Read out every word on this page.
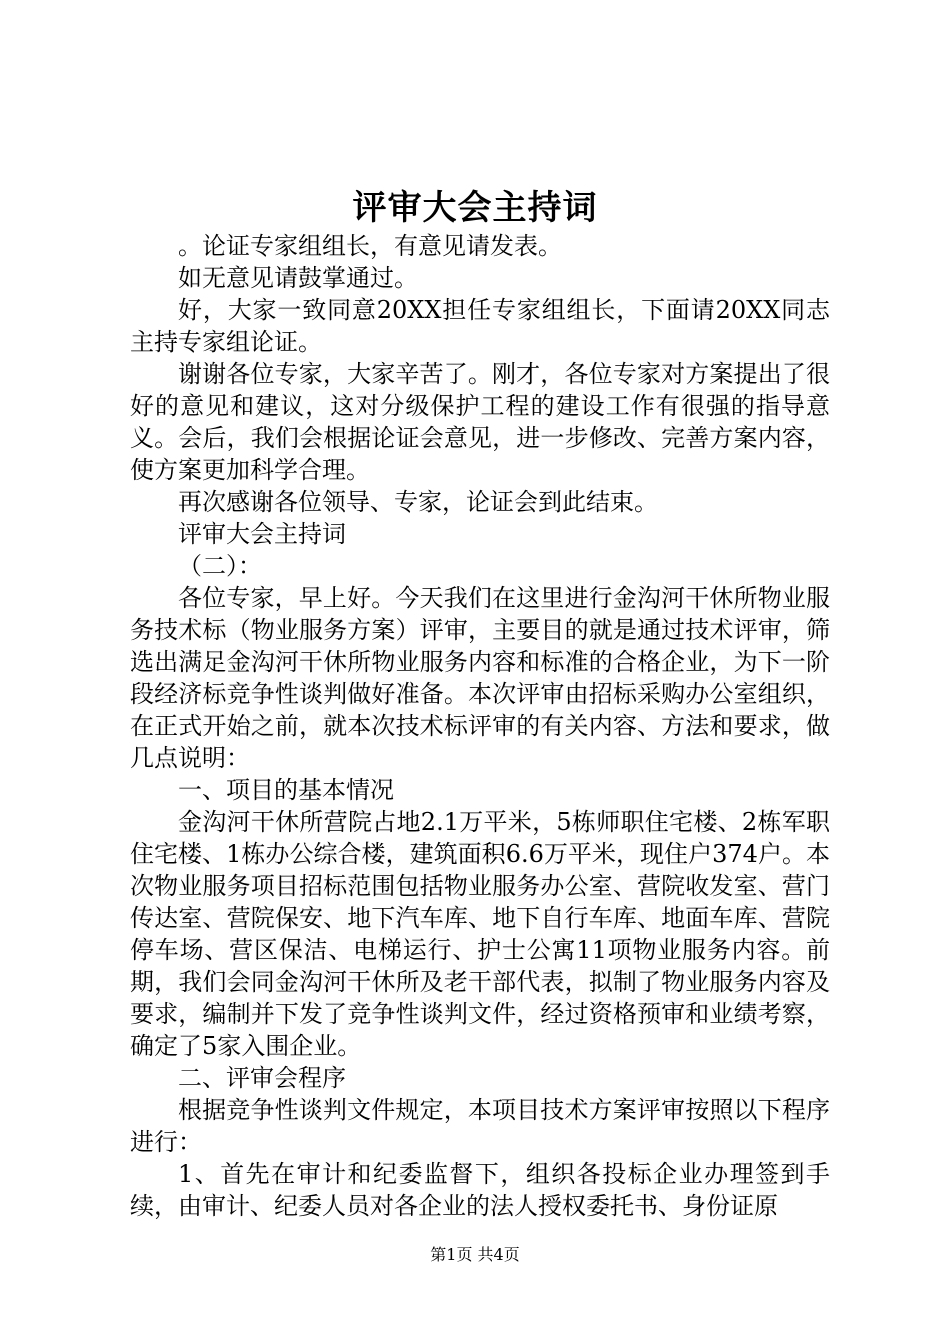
评审大会主持词

。论证专家组组长，有意见请发表。

如无意见请鼓掌通过。

好，大家一致同意20XX担任专家组组长，下面请20XX同志主持专家组论证。

谢谢各位专家，大家辛苦了。刚才，各位专家对方案提出了很好的意见和建议，这对分级保护工程的建设工作有很强的指导意义。会后，我们会根据论证会意见，进一步修改、完善方案内容，使方案更加科学合理。

再次感谢各位领导、专家，论证会到此结束。

评审大会主持词

（二）：

各位专家，早上好。今天我们在这里进行金沟河干休所物业服务技术标（物业服务方案）评审，主要目的就是通过技术评审，筛选出满足金沟河干休所物业服务内容和标准的合格企业，为下一阶段经济标竞争性谈判做好准备。本次评审由招标采购办公室组织，在正式开始之前，就本次技术标评审的有关内容、方法和要求，做几点说明：

一、项目的基本情况

金沟河干休所营院占地2.1万平米，5栋师职住宅楼、2栋军职住宅楼、1栋办公综合楼，建筑面积6.6万平米，现住户374户。本次物业服务项目招标范围包括物业服务办公室、营院收发室、营门传达室、营院保安、地下汽车库、地下自行车库、地面车库、营院停车场、营区保洁、电梯运行、护士公寓11项物业服务内容。前期，我们会同金沟河干休所及老干部代表，拟制了物业服务内容及要求，编制并下发了竞争性谈判文件，经过资格预审和业绩考察，确定了5家入围企业。

二、评审会程序

根据竞争性谈判文件规定，本项目技术方案评审按照以下程序进行：

1、首先在审计和纪委监督下，组织各投标企业办理签到手续，由审计、纪委人员对各企业的法人授权委托书、身份证原

第1页 共4页
